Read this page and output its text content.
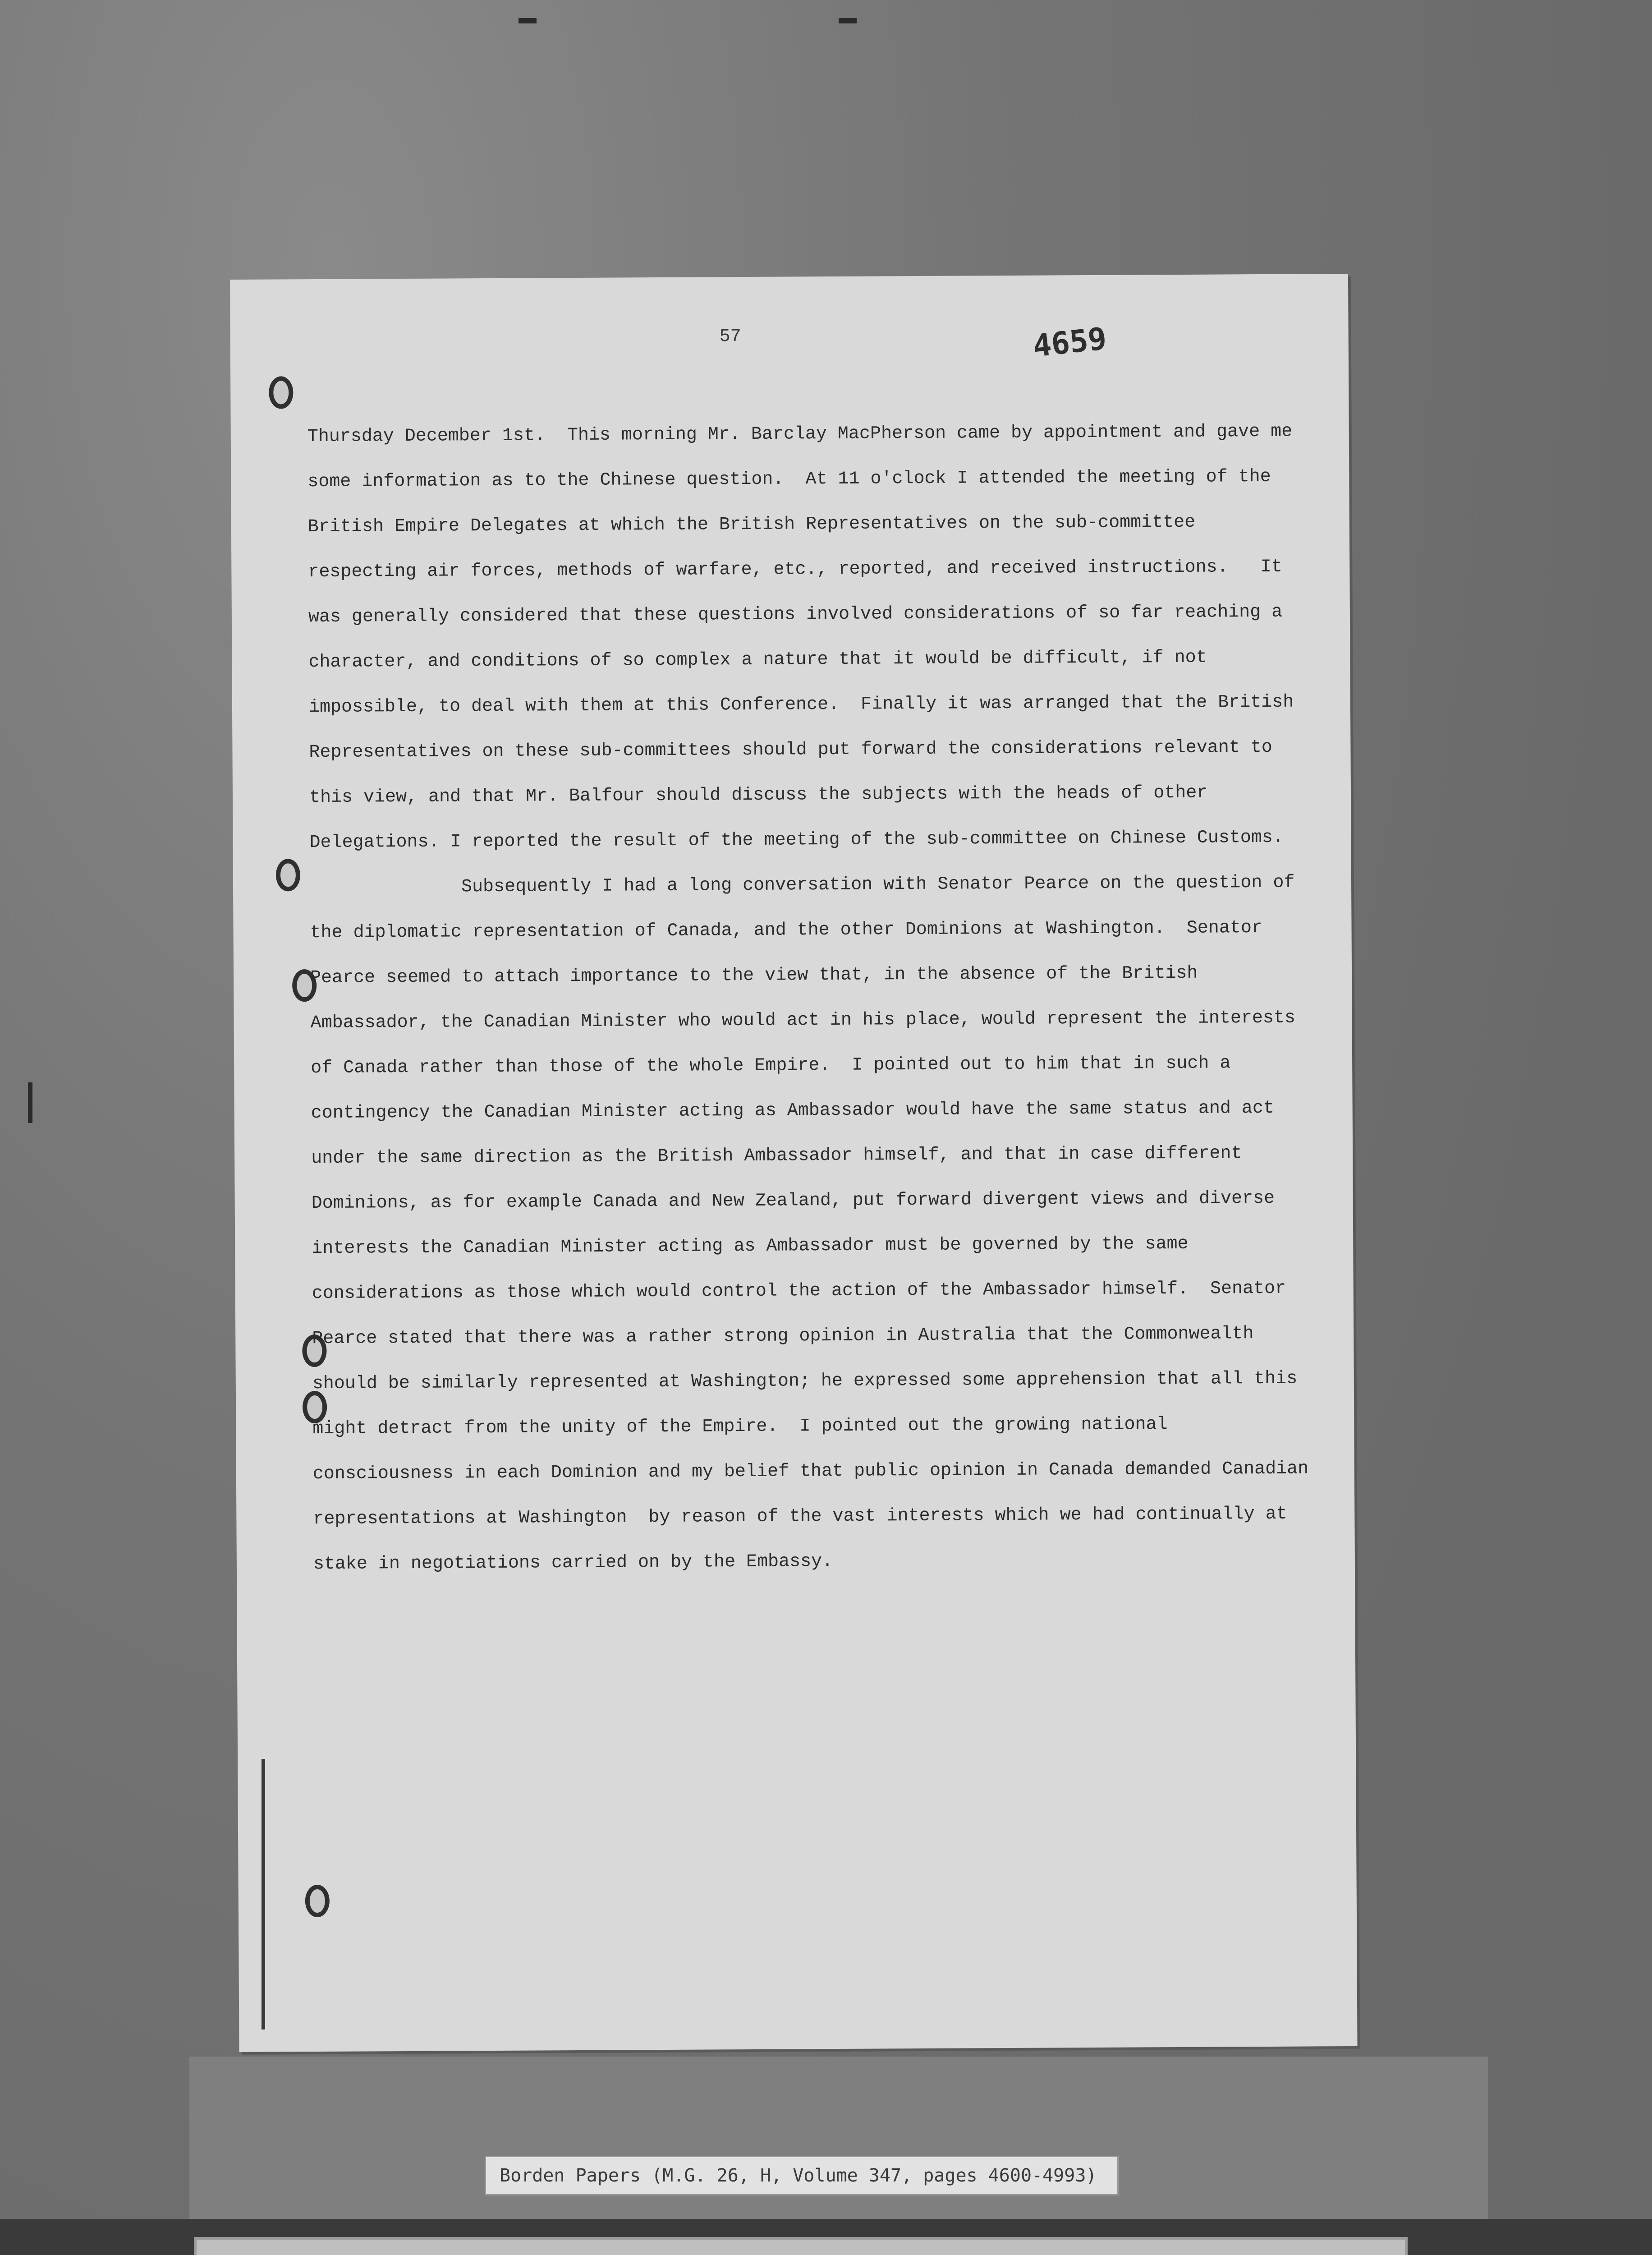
57	4659

Thursday December 1st.  This morning Mr. Barclay MacPherson came by appointment and gave me some information as to the Chinese question.  At 11 o'clock I attended the meeting of the British Empire Delegates at which the British Representatives on the sub-committee respecting air forces, methods of warfare, etc., reported, and received instructions.   It was generally considered that these questions involved considerations of so far reaching a character, and conditions of so complex a nature that it would be difficult, if not impossible, to deal with them at this Conference.  Finally it was arranged that the British Representatives on these sub-committees should put forward the considerations relevant to this view, and that Mr. Balfour should discuss the subjects with the heads of other Delegations. I reported the result of the meeting of the sub-committee on Chinese Customs.

Subsequently I had a long conversation with Senator Pearce on the question of the diplomatic representation of Canada, and the other Dominions at Washington.  Senator Pearce seemed to attach importance to the view that, in the absence of the British Ambassador, the Canadian Minister who would act in his place, would represent the interests of Canada rather than those of the whole Empire.  I pointed out to him that in such a contingency the Canadian Minister acting as Ambassador would have the same status and act under the same direction as the British Ambassador himself, and that in case different Dominions, as for example Canada and New Zealand, put forward divergent views and diverse interests the Canadian Minister acting as Ambassador must be governed by the same considerations as those which would control the action of the Ambassador himself.  Senator Pearce stated that there was a rather strong opinion in Australia that the Commonwealth should be similarly represented at Washington; he expressed some apprehension that all this might detract from the unity of the Empire.  I pointed out the growing national consciousness in each Dominion and my belief that public opinion in Canada demanded Canadian representations at Washington  by reason of the vast interests which we had continually at stake in negotiations carried on by the Embassy.

Borden Papers (M.G. 26, H, Volume 347, pages 4600-4993)
